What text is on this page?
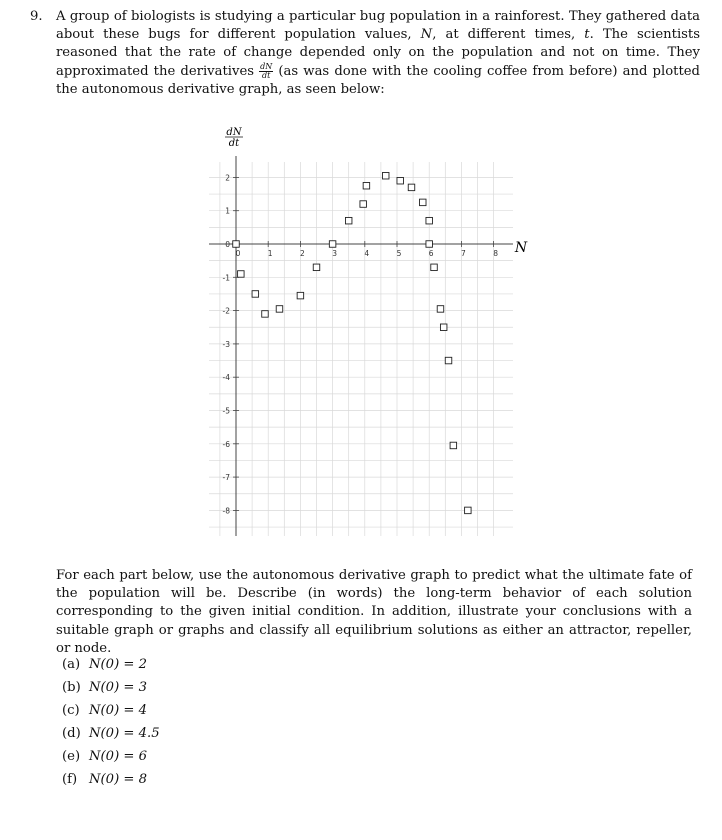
9. A group of biologists is studying a particular bug population in a rainforest. They gathered data about these bugs for different population values, N, at different times, t. The scientists reasoned that the rate of change depended only on the population and not on time. They approximated the derivatives $\frac{dN}{dt} (as$ was done with the cooling coffee from before) and plotted the autonomous derivative graph, as seen below:
0	1	2	3	4	5	6	7	8
2
1
0
-1
-2
-3
-4
-5
-6
-7
-8
dN
dt
N
For each part below, use the autonomous derivative graph to predict what the ultimate fate of the population will be. Describe (in words) the long-term behavior of each solution corresponding to the given initial condition. In addition, illustrate your conclusions with a suitable graph or graphs and classify all equilibrium solutions as either an attractor, repeller, or node.
(a) N(0) = 2
(b) N(0) = 3
(c) N(0) = 4
(d) N(0) = 4.5
(e) N(0) = 6
(f) N(0) = 8
